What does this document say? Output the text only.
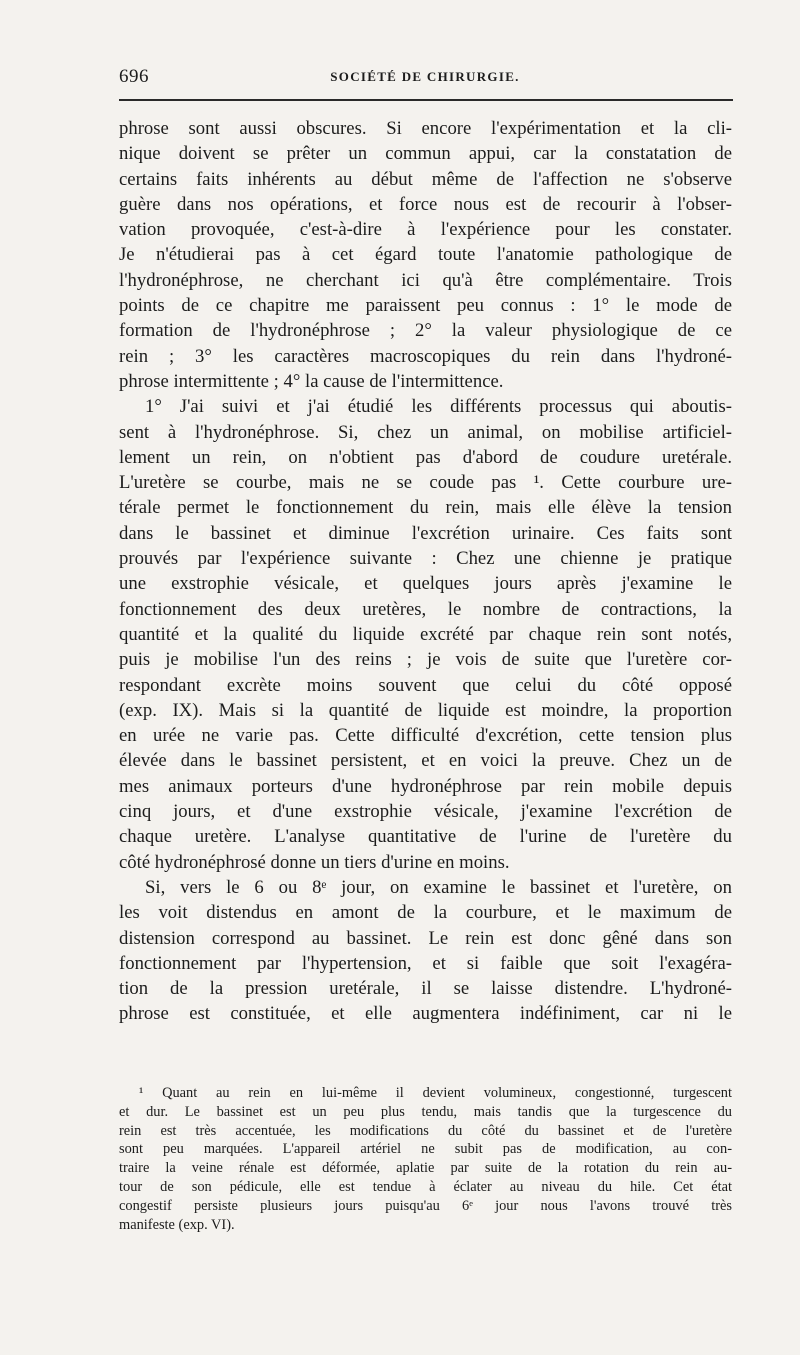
696	SOCIÉTÉ DE CHIRURGIE.

phrose sont aussi obscures. Si encore l'expérimentation et la cli-

nique doivent se prêter un commun appui, car la constatation de

certains faits inhérents au début même de l'affection ne s'observe

guère dans nos opérations, et force nous est de recourir à l'obser-

vation provoquée, c'est-à-dire à l'expérience pour les constater.

Je n'étudierai pas à cet égard toute l'anatomie pathologique de

l'hydronéphrose, ne cherchant ici qu'à être complémentaire. Trois

points de ce chapitre me paraissent peu connus : 1° le mode de

formation de l'hydronéphrose ; 2° la valeur physiologique de ce

rein ; 3° les caractères macroscopiques du rein dans l'hydroné-

phrose intermittente ; 4° la cause de l'intermittence.

1° J'ai suivi et j'ai étudié les différents processus qui aboutis-

sent à l'hydronéphrose. Si, chez un animal, on mobilise artificiel-

lement un rein, on n'obtient pas d'abord de coudure uretérale.

L'uretère se courbe, mais ne se coude pas ¹. Cette courbure ure-

térale permet le fonctionnement du rein, mais elle élève la tension

dans le bassinet et diminue l'excrétion urinaire. Ces faits sont

prouvés par l'expérience suivante : Chez une chienne je pratique

une exstrophie vésicale, et quelques jours après j'examine le

fonctionnement des deux uretères, le nombre de contractions, la

quantité et la qualité du liquide excrété par chaque rein sont notés,

puis je mobilise l'un des reins ; je vois de suite que l'uretère cor-

respondant excrète moins souvent que celui du côté opposé

(exp. IX). Mais si la quantité de liquide est moindre, la proportion

en urée ne varie pas. Cette difficulté d'excrétion, cette tension plus

élevée dans le bassinet persistent, et en voici la preuve. Chez un de

mes animaux porteurs d'une hydronéphrose par rein mobile depuis

cinq jours, et d'une exstrophie vésicale, j'examine l'excrétion de

chaque uretère. L'analyse quantitative de l'urine de l'uretère du

côté hydronéphrosé donne un tiers d'urine en moins.

Si, vers le 6 ou 8ᵉ jour, on examine le bassinet et l'uretère, on

les voit distendus en amont de la courbure, et le maximum de

distension correspond au bassinet. Le rein est donc gêné dans son

fonctionnement par l'hypertension, et si faible que soit l'exagéra-

tion de la pression uretérale, il se laisse distendre. L'hydroné-

phrose est constituée, et elle augmentera indéfiniment, car ni le

¹ Quant au rein en lui-même il devient volumineux, congestionné, turgescent

et dur. Le bassinet est un peu plus tendu, mais tandis que la turgescence du

rein est très accentuée, les modifications du côté du bassinet et de l'uretère

sont peu marquées. L'appareil artériel ne subit pas de modification, au con-

traire la veine rénale est déformée, aplatie par suite de la rotation du rein au-

tour de son pédicule, elle est tendue à éclater au niveau du hile. Cet état

congestif persiste plusieurs jours puisqu'au 6ᵉ jour nous l'avons trouvé très

manifeste (exp. VI).
